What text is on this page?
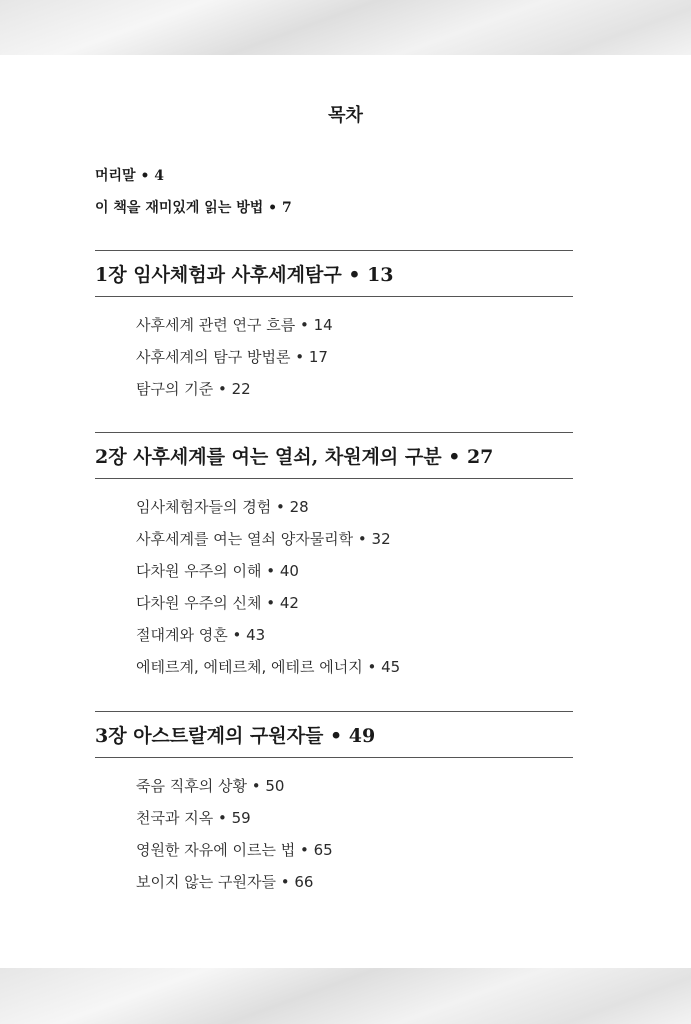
목차
머리말 • 4
이 책을 재미있게 읽는 방법 • 7
1장 임사체험과 사후세계탐구 • 13
사후세계 관련 연구 흐름 • 14
사후세계의 탐구 방법론 • 17
탐구의 기준 • 22
2장 사후세계를 여는 열쇠, 차원계의 구분 • 27
임사체험자들의 경험 • 28
사후세계를 여는 열쇠 양자물리학 • 32
다차원 우주의 이해 • 40
다차원 우주의 신체 • 42
절대계와 영혼 • 43
에테르계, 에테르체, 에테르 에너지 • 45
3장 아스트랄계의 구원자들 • 49
죽음 직후의 상황 • 50
천국과 지옥 • 59
영원한 자유에 이르는 법 • 65
보이지 않는 구원자들 • 66
